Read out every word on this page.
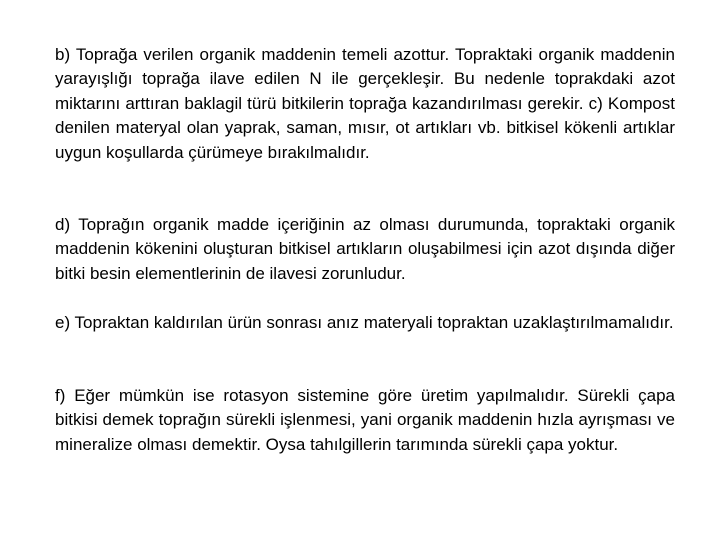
b) Toprağa verilen organik maddenin temeli azottur. Topraktaki organik maddenin yarayışlığı toprağa ilave edilen N ile gerçekleşir. Bu nedenle toprakdaki azot miktarını arttıran baklagil türü bitkilerin toprağa kazandırılması gerekir. c) Kompost denilen materyal olan yaprak, saman, mısır, ot artıkları vb. bitkisel kökenli artıklar uygun koşullarda çürümeye bırakılmalıdır.

d) Toprağın organik madde içeriğinin az olması durumunda, topraktaki organik maddenin kökenini oluşturan bitkisel artıkların oluşabilmesi için azot dışında diğer bitki besin elementlerinin de ilavesi zorunludur.

e) Topraktan kaldırılan ürün sonrası anız materyali topraktan uzaklaştırılmamalıdır.

f) Eğer mümkün ise rotasyon sistemine göre üretim yapılmalıdır. Sürekli çapa bitkisi demek toprağın sürekli işlenmesi, yani organik maddenin hızla ayrışması ve mineralize olması demektir. Oysa tahılgillerin tarımında sürekli çapa yoktur.
